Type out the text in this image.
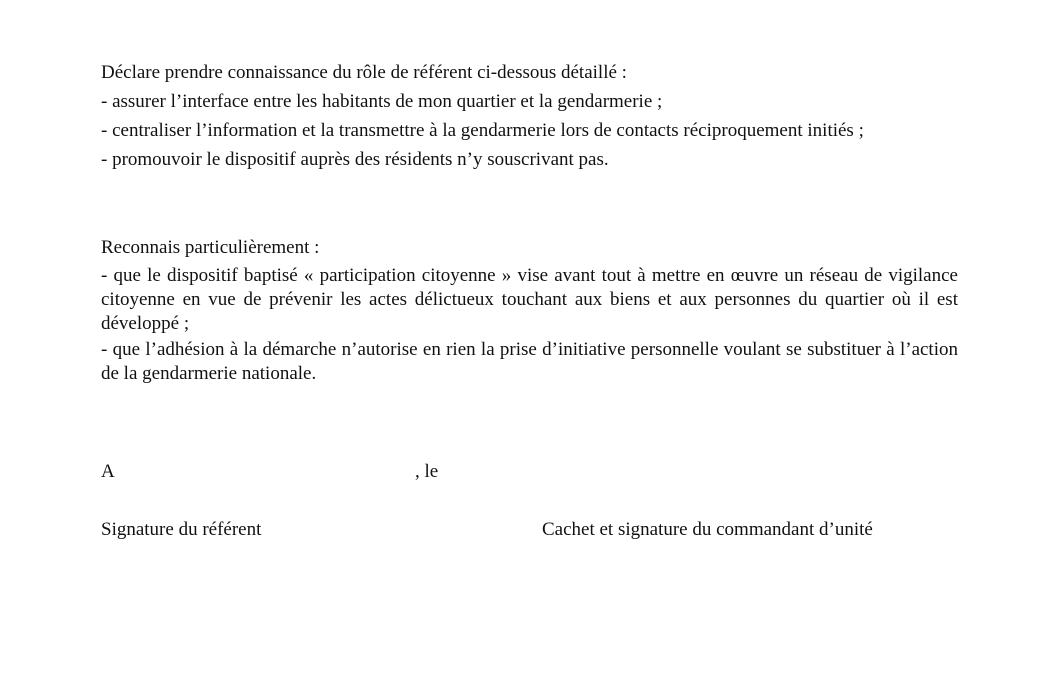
Déclare prendre connaissance du rôle de référent ci-dessous détaillé :
- assurer l’interface entre les habitants de mon quartier et la gendarmerie ;
- centraliser l’information et la transmettre à la gendarmerie lors de contacts réciproquement initiés ;
- promouvoir le dispositif auprès des résidents n’y souscrivant pas.
Reconnais particulièrement :

- que le dispositif baptisé « participation citoyenne » vise avant tout à mettre en œuvre un réseau de vigilance citoyenne en vue de prévenir les actes délictueux touchant aux biens et aux personnes du quartier où il est développé ;

- que l’adhésion à la démarche n’autorise en rien la prise d’initiative personnelle voulant se substituer à l’action de la gendarmerie nationale.

A	, le
Signature du référent	Cachet et signature du commandant d’unité
